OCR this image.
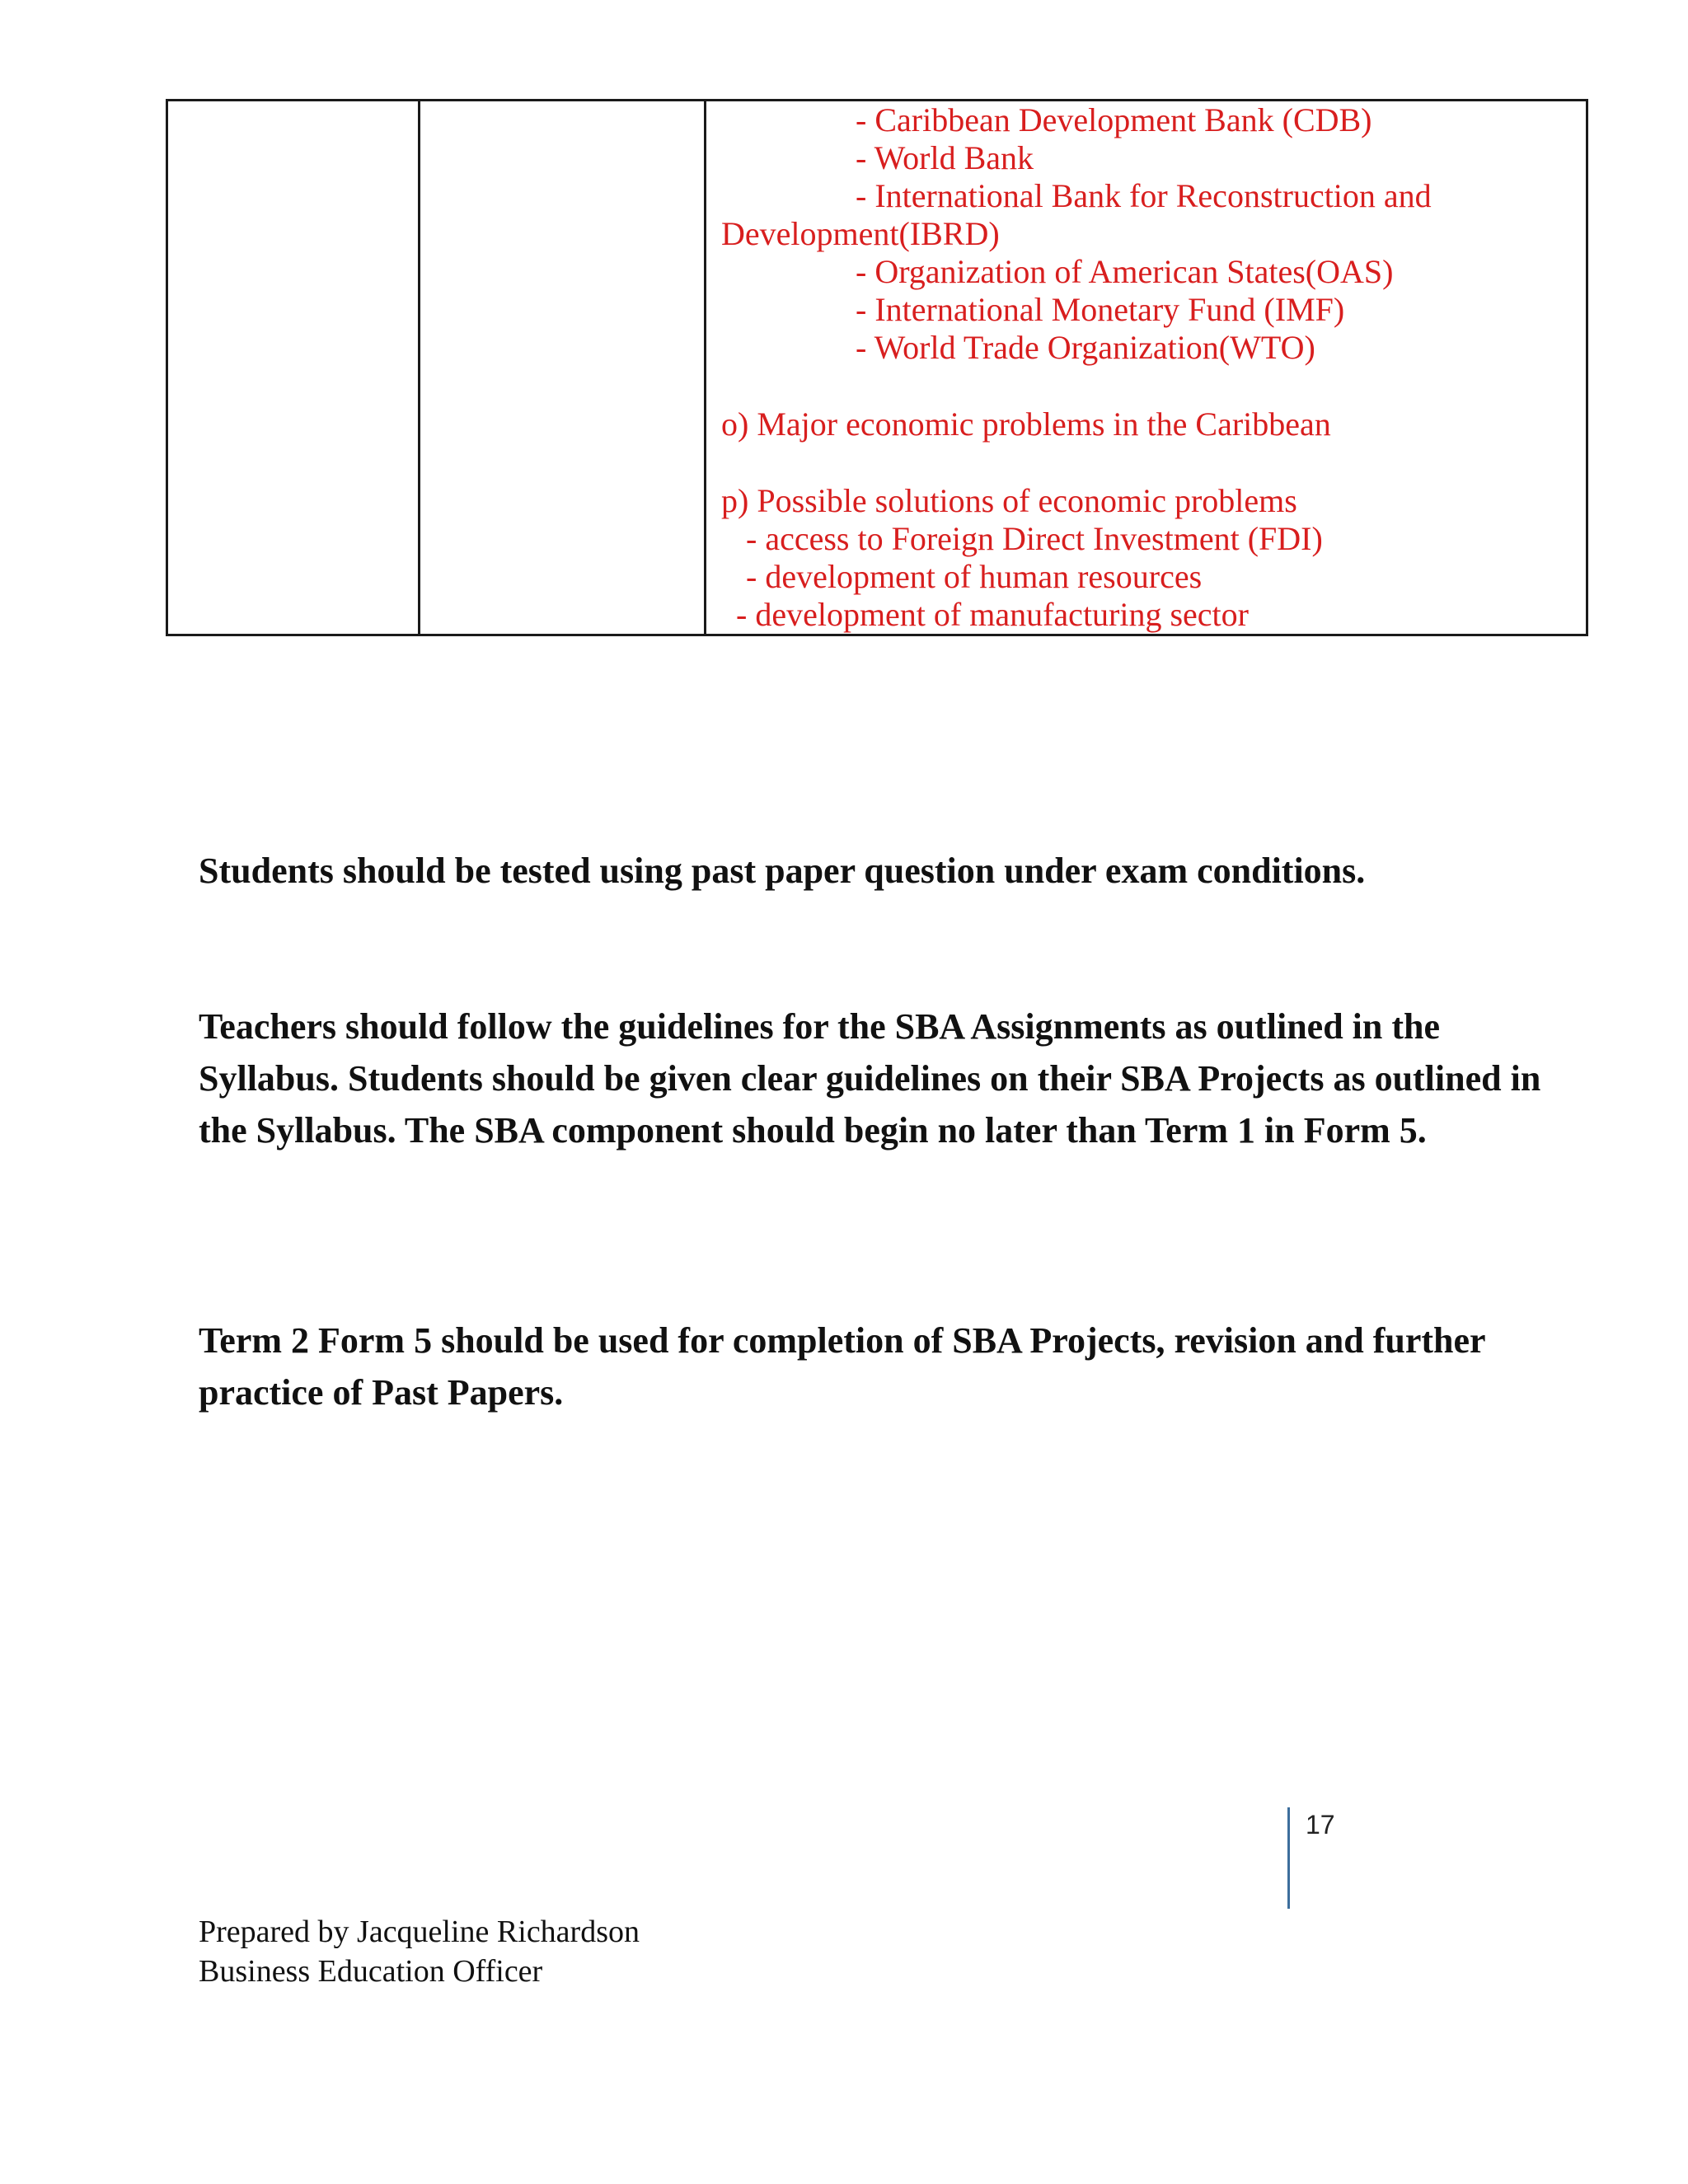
- Caribbean Development Bank (CDB)
- World Bank
- International Bank for Reconstruction and
Development(IBRD)
- Organization of American States(OAS)
- International Monetary Fund (IMF)
- World Trade Organization(WTO)
o) Major economic problems in the Caribbean
p) Possible solutions of economic problems
- access to Foreign Direct Investment (FDI)
- development of human resources
- development of manufacturing sector

Students should be tested using past paper question under exam conditions.

Teachers should follow the guidelines for the SBA Assignments as outlined in the Syllabus. Students should be given clear guidelines on their SBA Projects as outlined in the Syllabus. The SBA component should begin no later than Term 1 in Form 5.

Term 2 Form 5 should be used for completion of SBA Projects, revision and further practice of Past Papers.

17
Prepared by Jacqueline Richardson
Business Education Officer
